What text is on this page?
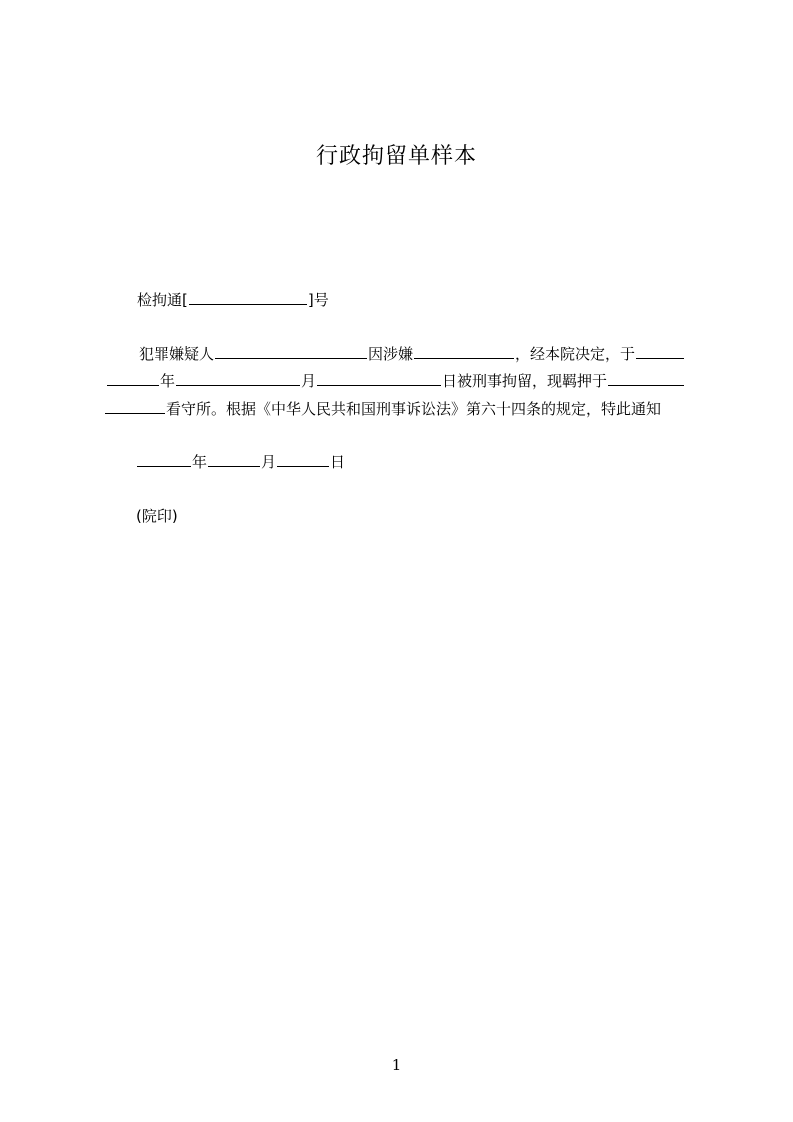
行政拘留单样本
检拘通[	]号
犯罪嫌疑人	因涉嫌	，经本院决定，于
年	月	日被刑事拘留，现羁押于
看守所。根据《中华人民共和国刑事诉讼法》第六十四条的规定，特此通知
年	月	日
(院印)
1
